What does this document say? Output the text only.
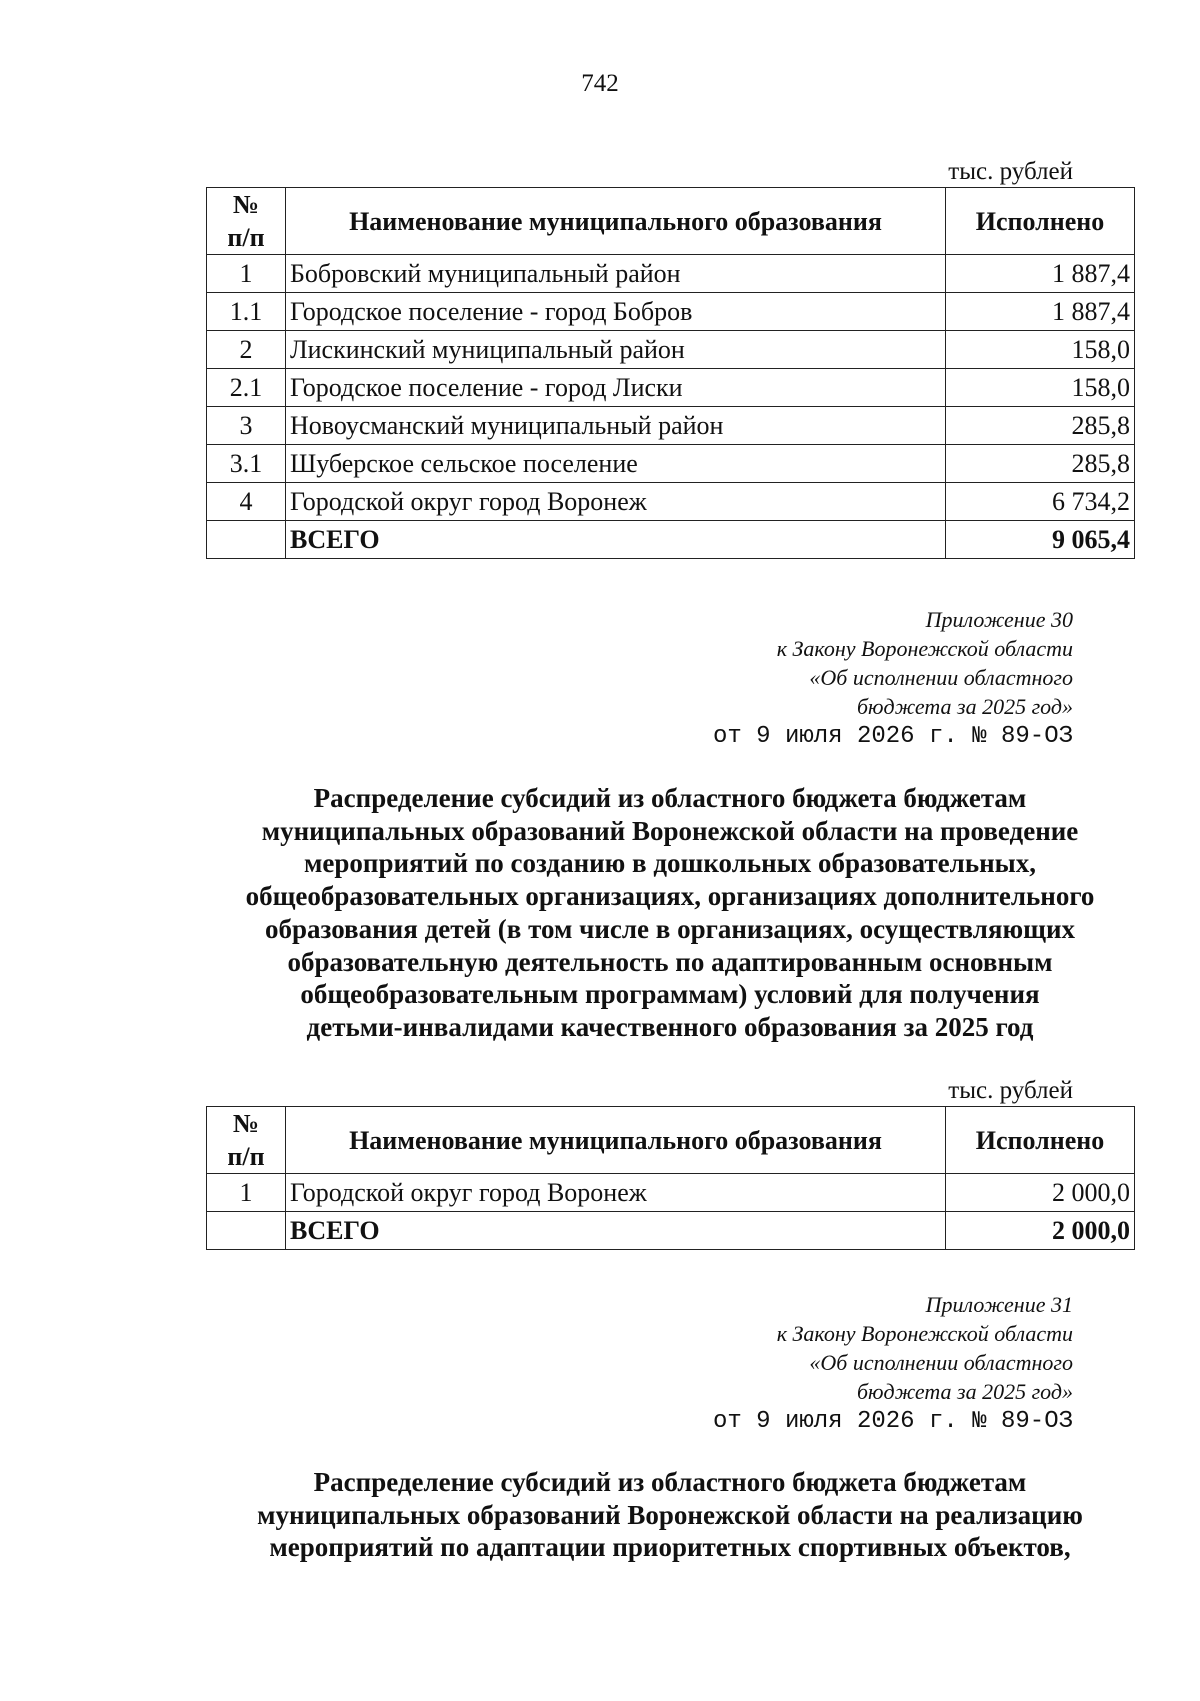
742
тыс. рублей
№
п/п	Наименование муниципального образования	Исполнено
1	Бобровский муниципальный район	1 887,4
1.1	Городское поселение - город Бобров	1 887,4
2	Лискинский муниципальный район	158,0
2.1	Городское поселение - город Лиски	158,0
3	Новоусманский муниципальный район	285,8
3.1	Шуберское сельское поселение	285,8
4	Городской округ город Воронеж	6 734,2
	ВСЕГО	9 065,4
Приложение 30
к Закону Воронежской области
«Об исполнении областного
бюджета за 2025 год»
от 9 июля 2026 г. № 89-ОЗ
Распределение субсидий из областного бюджета бюджетам
муниципальных образований Воронежской области на проведение
мероприятий по созданию в дошкольных образовательных,
общеобразовательных организациях, организациях дополнительного
образования детей (в том числе в организациях, осуществляющих
образовательную деятельность по адаптированным основным
общеобразовательным программам) условий для получения
детьми-инвалидами качественного образования за 2025 год
тыс. рублей
№
п/п	Наименование муниципального образования	Исполнено
1	Городской округ город Воронеж	2 000,0
	ВСЕГО	2 000,0
Приложение 31
к Закону Воронежской области
«Об исполнении областного
бюджета за 2025 год»
от 9 июля 2026 г. № 89-ОЗ
Распределение субсидий из областного бюджета бюджетам
муниципальных образований Воронежской области на реализацию
мероприятий по адаптации приоритетных спортивных объектов,
